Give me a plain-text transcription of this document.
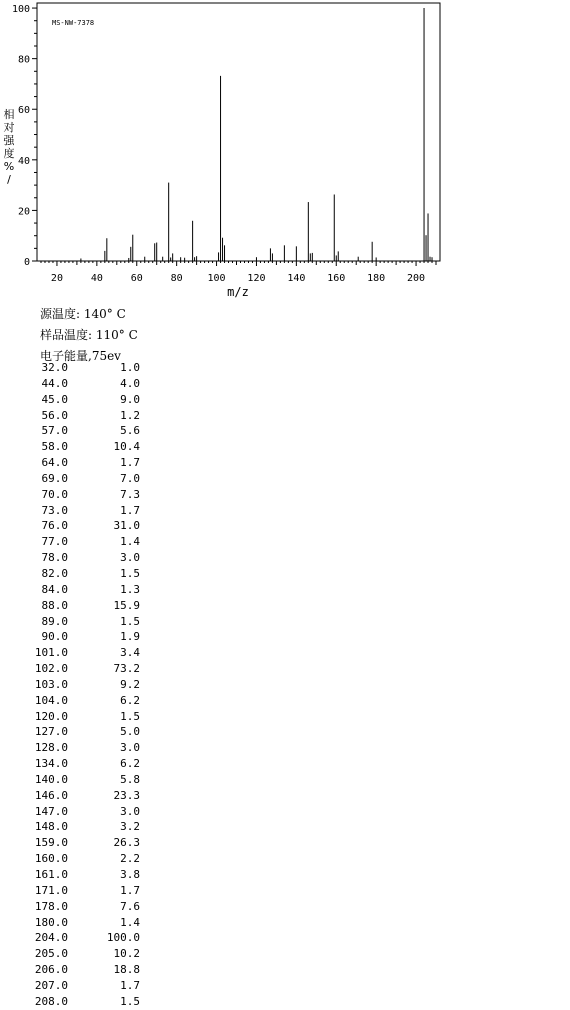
20	40	60	80 100 120 140 160 180 200
0
20
40
60
80
100
MS-NW-7378
m/z
相
对
强
度
%
/
源温度: 140° C
样品温度: 110° C
电子能量,75ev
32.0	1.0
44.0	4.0
45.0	9.0
56.0	1.2
57.0	5.6
58.0	10.4
64.0	1.7
69.0	7.0
70.0	7.3
73.0	1.7
76.0	31.0
77.0	1.4
78.0	3.0
82.0	1.5
84.0	1.3
88.0	15.9
89.0	1.5
90.0	1.9
101.0	3.4
102.0	73.2
103.0	9.2
104.0	6.2
120.0	1.5
127.0	5.0
128.0	3.0
134.0	6.2
140.0	5.8
146.0	23.3
147.0	3.0
148.0	3.2
159.0	26.3
160.0	2.2
161.0	3.8
171.0	1.7
178.0	7.6
180.0	1.4
204.0	100.0
205.0	10.2
206.0	18.8
207.0	1.7
208.0	1.5
